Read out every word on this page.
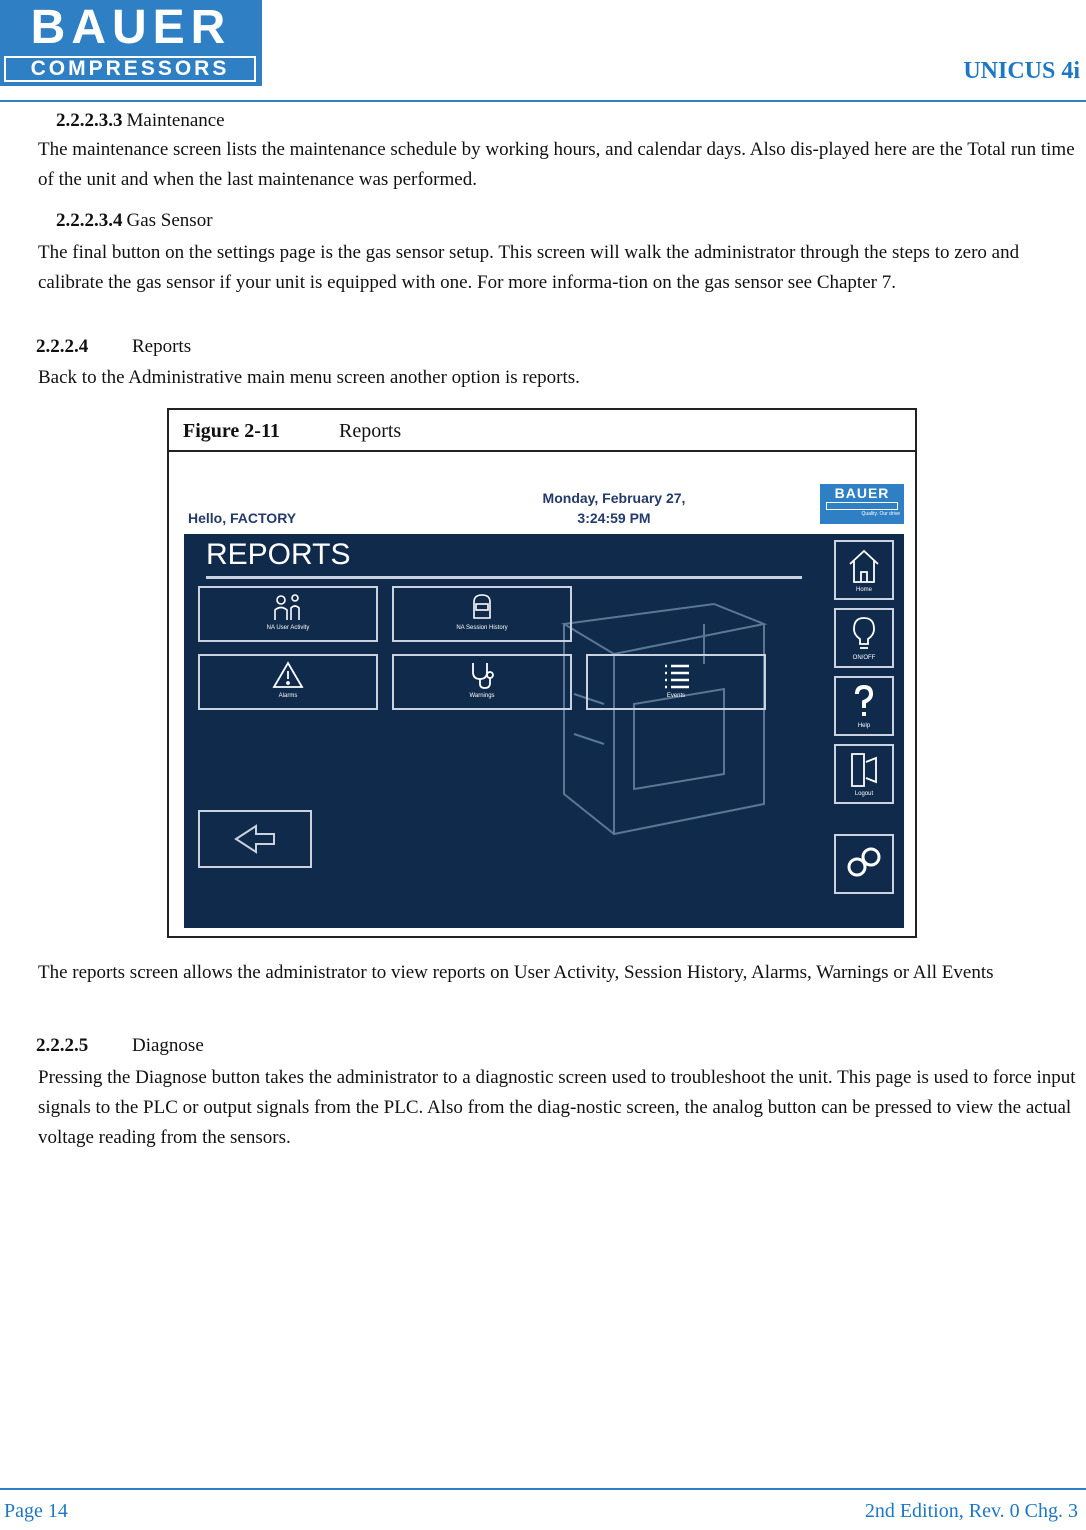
BAUER
COMPRESSORS	UNICUS 4i
2.2.2.3.3 Maintenance

The maintenance screen lists the maintenance schedule by working hours, and calendar days. Also dis-played here are the Total run time of the unit and when the last maintenance was performed.

2.2.2.3.4 Gas Sensor

The final button on the settings page is the gas sensor setup. This screen will walk the administrator through the steps to zero and calibrate the gas sensor if your unit is equipped with one. For more informa-tion on the gas sensor see Chapter 7.

2.2.2.4 Reports

Back to the Administrative main menu screen another option is reports.

Figure 2-11	Reports
Hello, FACTORY
Monday, February 27,
3:24:59 PM
BAUER
Quality. Our drive
REPORTS
NA User Activity	NA Session History
Alarms	Warnings	Events
Home
ON/OFF
Help
Logout

The reports screen allows the administrator to view reports on User Activity, Session History, Alarms, Warnings or All Events

2.2.2.5 Diagnose

Pressing the Diagnose button takes the administrator to a diagnostic screen used to troubleshoot the unit. This page is used to force input signals to the PLC or output signals from the PLC. Also from the diag-nostic screen, the analog button can be pressed to view the actual voltage reading from the sensors.

Page 14	2nd Edition, Rev. 0 Chg. 3
